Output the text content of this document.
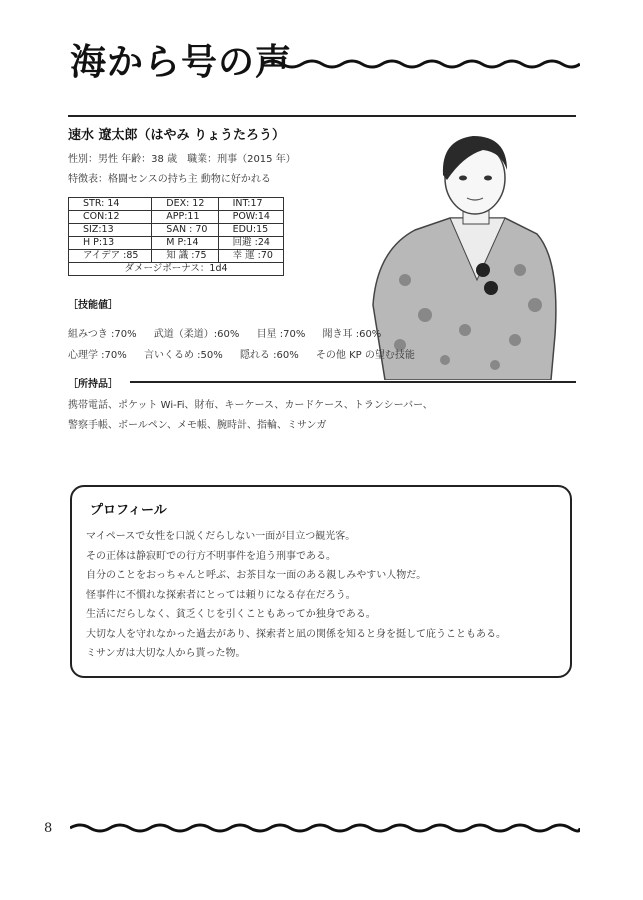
海から号の声
速水 遼太郎（はやみ りょうたろう）
性別：男性 年齢：38 歳　職業：刑事（2015 年）
特徴表：格闘センスの持ち主 動物に好かれる
STR: 14	DEX: 12	INT:17
CON:12	APP:11	POW:14
SIZ:13	SAN : 70	EDU:15
H P:13	M P:14	回避 :24
アイデア :85	知 識 :75	幸 運 :70
ダメージボーナス：1d4		
［技能値］
組みつき :70% 武道（柔道）:60% 目星 :70% 聞き耳 :60%
心理学 :70% 言いくるめ :50% 隠れる :60% その他 KP の望む技能
［所持品］
携帯電話、ポケット Wi-Fi、財布、キーケース、カードケース、トランシーバー、
警察手帳、ボールペン、メモ帳、腕時計、指輪、ミサンガ
プロフィール
マイペースで女性を口説くだらしない一面が目立つ観光客。
その正体は静寂町での行方不明事件を追う刑事である。
自分のことをおっちゃんと呼ぶ、お茶目な一面のある親しみやすい人物だ。
怪事件に不慣れな探索者にとっては頼りになる存在だろう。
生活にだらしなく、貧乏くじを引くこともあってか独身である。
大切な人を守れなかった過去があり、探索者と凪の関係を知ると身を挺して庇うこともある。
ミサンガは大切な人から貰った物。
8
